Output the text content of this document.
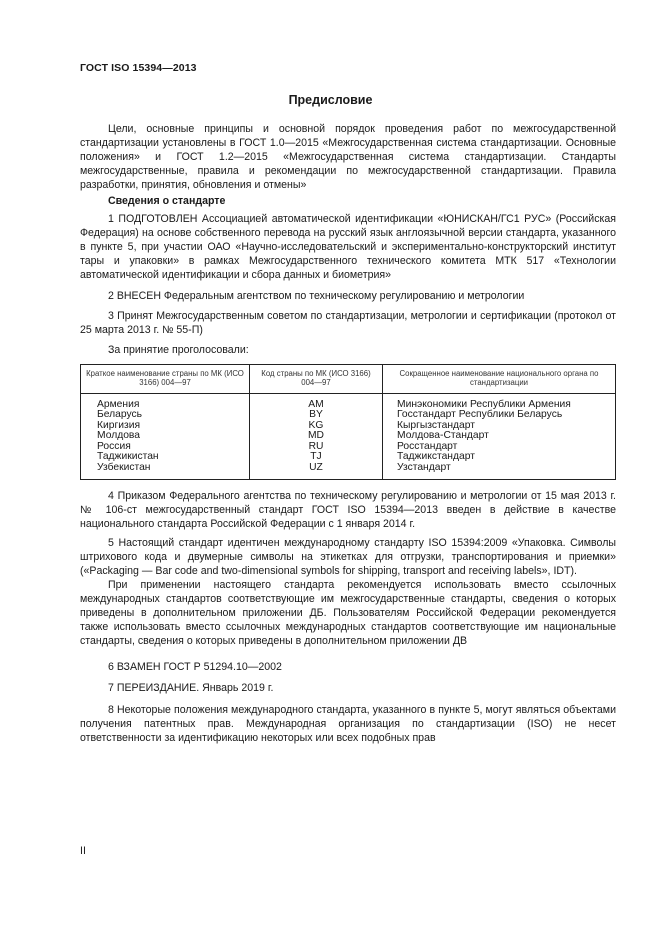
ГОСТ ISO 15394—2013
Предисловие

Цели, основные принципы и основной порядок проведения работ по межгосударственной стандартизации установлены в ГОСТ 1.0—2015 «Межгосударственная система стандартизации. Основные положения» и ГОСТ 1.2—2015 «Межгосударственная система стандартизации. Стандарты межгосударственные, правила и рекомендации по межгосударственной стандартизации. Правила разработки, принятия, обновления и отмены»

Сведения о стандарте

1 ПОДГОТОВЛЕН Ассоциацией автоматической идентификации «ЮНИСКАН/ГС1 РУС» (Российская Федерация) на основе собственного перевода на русский язык англоязычной версии стандарта, указанного в пункте 5, при участии ОАО «Научно-исследовательский и экспериментально-конструкторский институт тары и упаковки» в рамках Межгосударственного технического комитета МТК 517 «Технологии автоматической идентификации и сбора данных и биометрия»

2 ВНЕСЕН Федеральным агентством по техническому регулированию и метрологии

3 Принят Межгосударственным советом по стандартизации, метрологии и сертификации (протокол от 25 марта 2013 г. № 55-П)

За принятие проголосовали:

Краткое наименование страны по МК (ИСО 3166) 004—97	Код страны по МК (ИСО 3166) 004—97	Сокращенное наименование национального органа по стандартизации
Армения	AM	Минэкономики Республики Армения
Беларусь	BY	Госстандарт Республики Беларусь
Киргизия	KG	Кыргызстандарт
Молдова	MD	Молдова-Стандарт
Россия	RU	Росстандарт
Таджикистан	TJ	Таджикстандарт
Узбекистан	UZ	Узстандарт

4 Приказом Федерального агентства по техническому регулированию и метрологии от 15 мая 2013 г. № 106-ст межгосударственный стандарт ГОСТ ISO 15394—2013 введен в действие в качестве национального стандарта Российской Федерации с 1 января 2014 г.

5 Настоящий стандарт идентичен международному стандарту ISO 15394:2009 «Упаковка. Символы штрихового кода и двумерные символы на этикетках для отгрузки, транспортирования и приемки» («Packaging — Bar code and two-dimensional symbols for shipping, transport and receiving labels», IDT).

При применении настоящего стандарта рекомендуется использовать вместо ссылочных международных стандартов соответствующие им межгосударственные стандарты, сведения о которых приведены в дополнительном приложении ДБ. Пользователям Российской Федерации рекомендуется также использовать вместо ссылочных международных стандартов соответствующие им национальные стандарты, сведения о которых приведены в дополнительном приложении ДВ

6 ВЗАМЕН ГОСТ Р 51294.10—2002

7 ПЕРЕИЗДАНИЕ. Январь 2019 г.

8 Некоторые положения международного стандарта, указанного в пункте 5, могут являться объектами получения патентных прав. Международная организация по стандартизации (ISO) не несет ответственности за идентификацию некоторых или всех подобных прав

II
